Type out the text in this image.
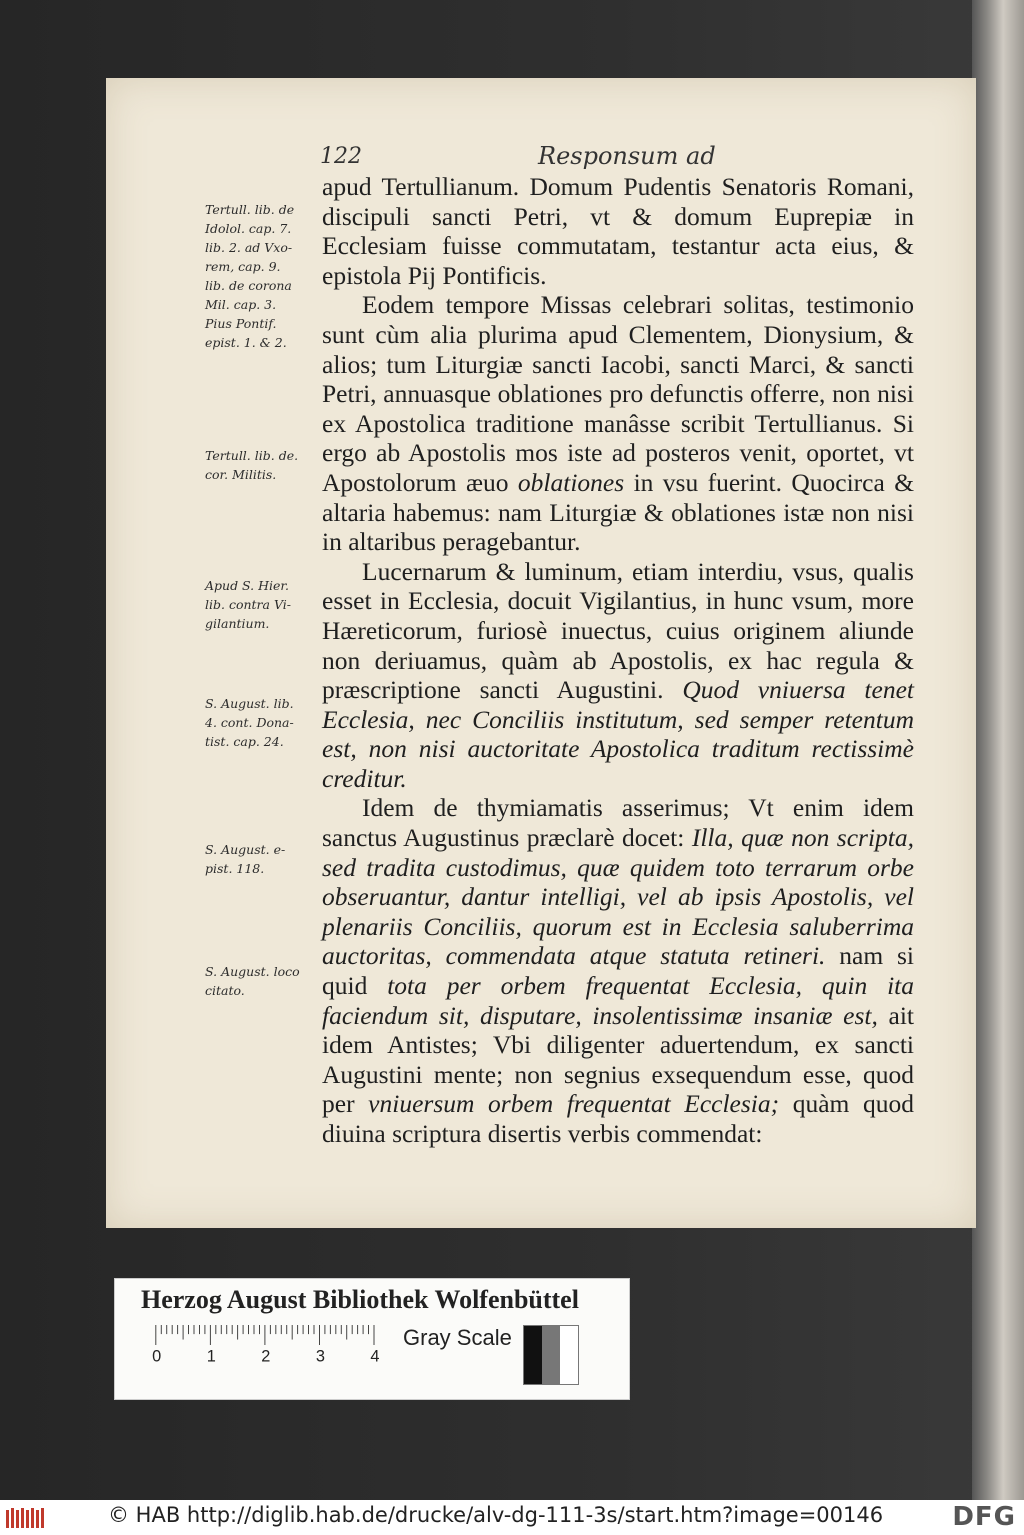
122	Responsum ad
Tertull. lib. de
Idolol. cap. 7.
lib. 2. ad Vxo-
rem, cap. 9.
lib. de corona
Mil. cap. 3.
Pius Pontif.
epist. 1. & 2.
Tertull. lib. de.
cor. Militis.
Apud S. Hier.
lib. contra Vi-
gilantium.
S. August. lib.
4. cont. Dona-
tist. cap. 24.
S. August. e-
pist. 118.
S. August. loco
citato.

apud Tertullianum. Domum Pudentis Senatoris Romani, discipuli sancti Petri, vt & domum Euprepiæ in Ecclesiam fuisse commutatam, testantur acta eius, & epistola Pij Pontificis.

Eodem tempore Missas celebrari solitas, testimonio sunt cùm alia plurima apud Clementem, Dionysium, & alios; tum Liturgiæ sancti Iacobi, sancti Marci, & sancti Petri, annuasque oblationes pro defunctis offerre, non nisi ex Apostolica traditione manâsse scribit Tertullianus. Si ergo ab Apostolis mos iste ad posteros venit, oportet, vt Apostolorum æuo oblationes in vsu fuerint. Quocirca & altaria habemus: nam Liturgiæ & oblationes istæ non nisi in altaribus peragebantur.

Lucernarum & luminum, etiam interdiu, vsus, qualis esset in Ecclesia, docuit Vigilantius, in hunc vsum, more Hæreticorum, furiosè inuectus, cuius originem aliunde non deriuamus, quàm ab Apostolis, ex hac regula & præscriptione sancti Augustini. Quod vniuersa tenet Ecclesia, nec Conciliis institutum, sed semper retentum est, non nisi auctoritate Apostolica traditum rectissimè creditur.

Idem de thymiamatis asserimus; Vt enim idem sanctus Augustinus præclarè docet: Illa, quæ non scripta, sed tradita custodimus, quæ quidem toto terrarum orbe obseruantur, dantur intelligi, vel ab ipsis Apostolis, vel plenariis Conciliis, quorum est in Ecclesia saluberrima auctoritas, commendata atque statuta retineri. nam si quid tota per orbem frequentat Ecclesia, quin ita faciendum sit, disputare, insolentissimæ insaniæ est, ait idem Antistes; Vbi diligenter aduertendum, ex sancti Augustini mente; non segnius exsequendum esse, quod per vniuersum orbem frequentat Ecclesia; quàm quod diuina scriptura disertis verbis commendat:

Herzog August Bibliothek Wolfenbüttel
0	1	2	3	4
Gray Scale
© HAB http://diglib.hab.de/drucke/alv-dg-111-3s/start.htm?image=00146	DFG
